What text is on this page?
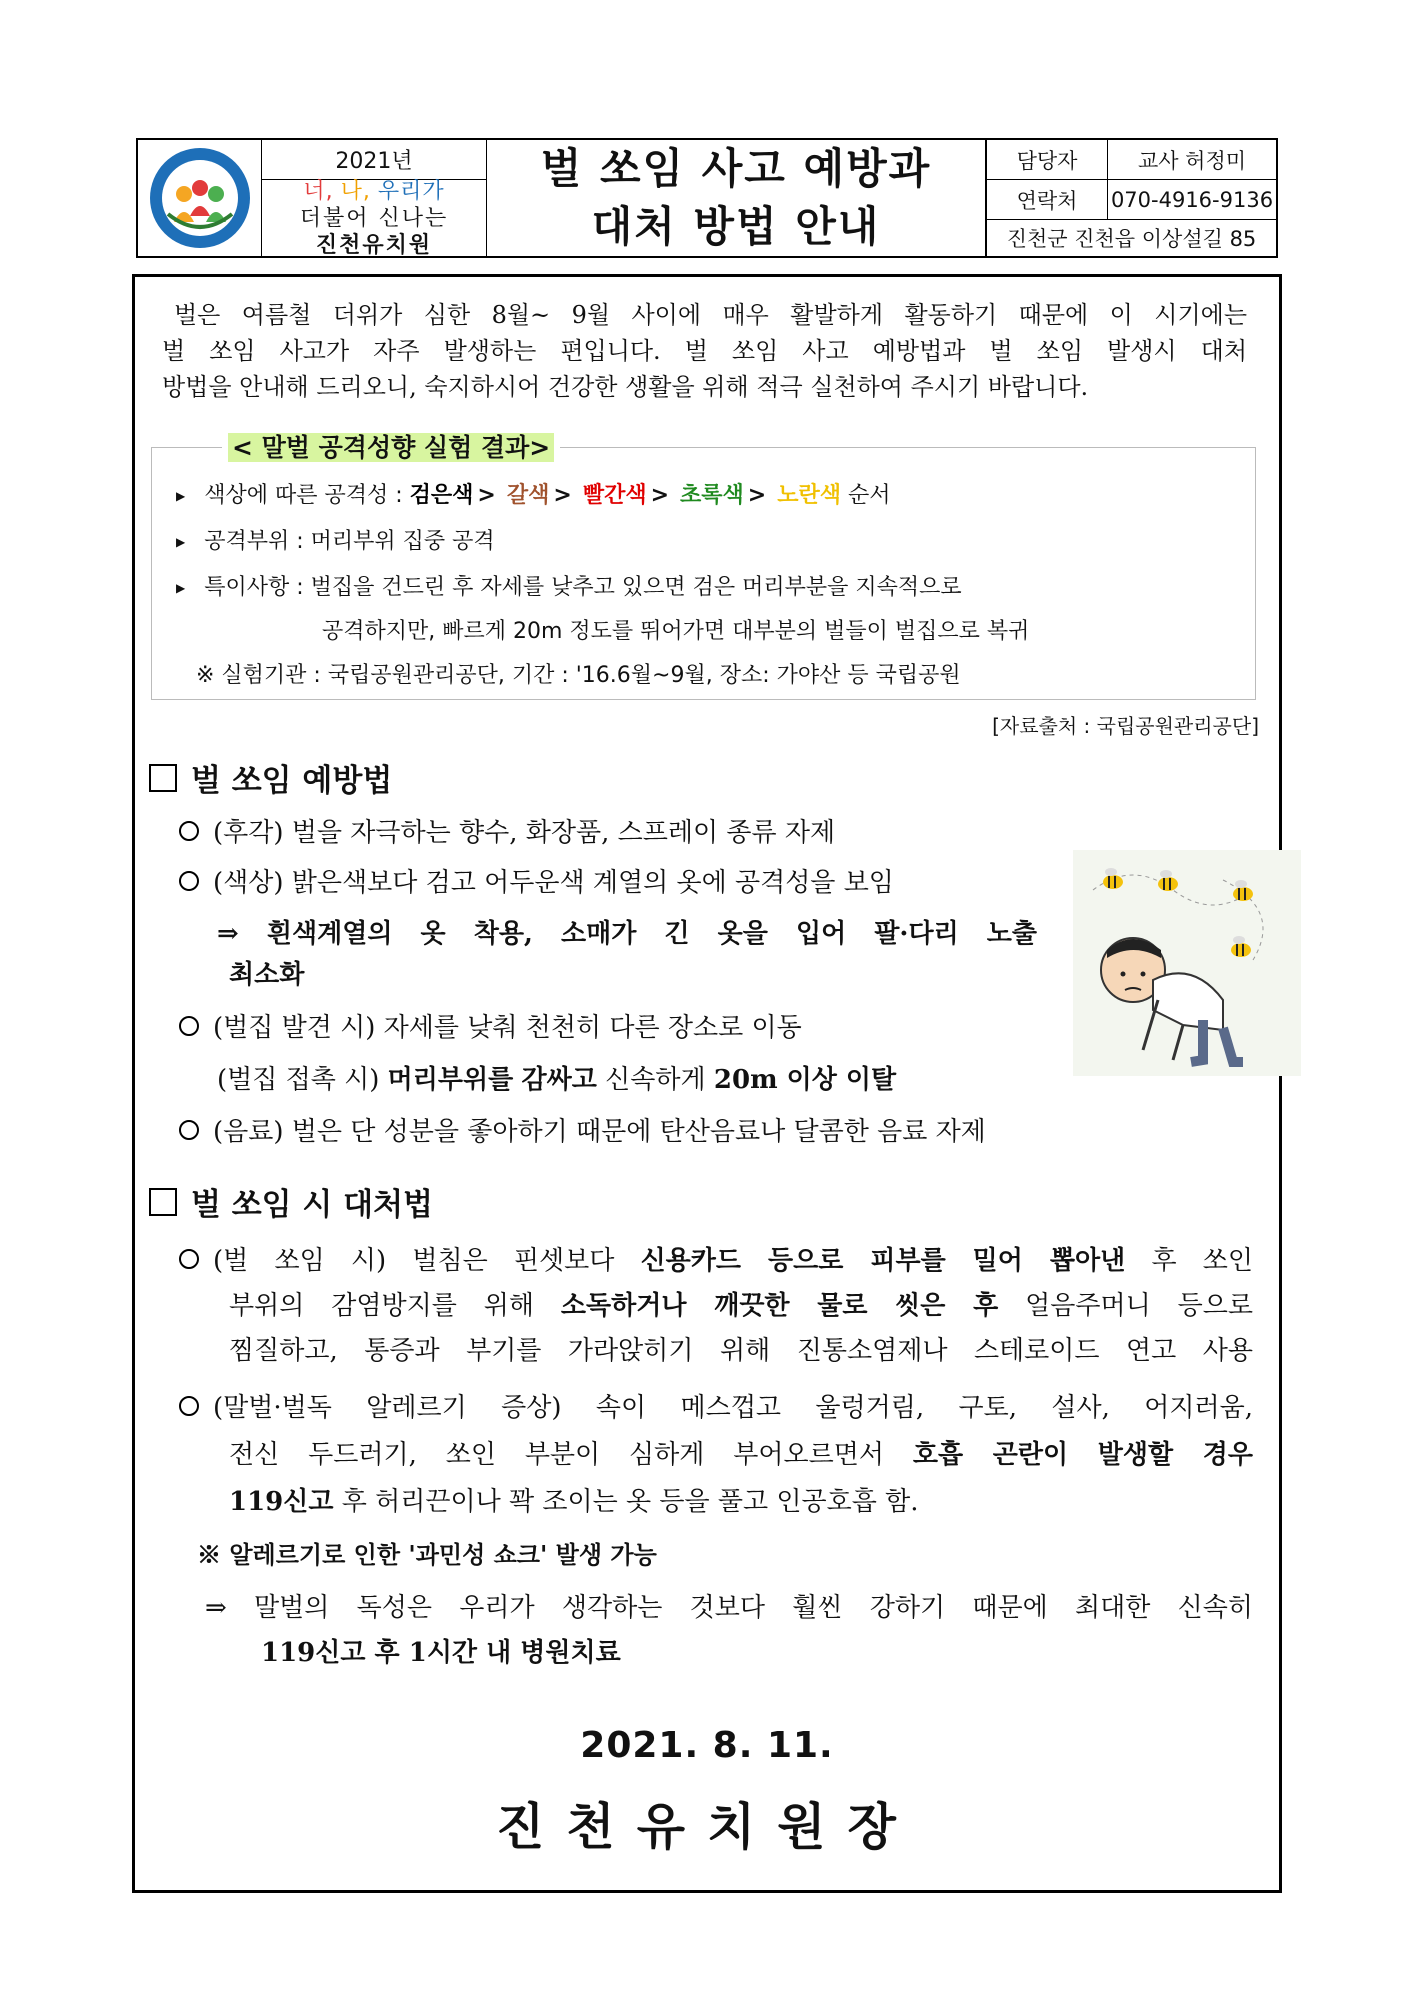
2021년
너, 나, 우리가
더불어 신나는
진천유치원
벌 쏘임 사고 예방과
대처 방법 안내
담당자	교사 허정미
연락처	070-4916-9136
진천군 진천읍 이상설길 85
벌은 여름철 더위가 심한 8월~ 9월 사이에 매우 활발하게 활동하기 때문에 이 시기에는
벌 쏘임 사고가 자주 발생하는 편입니다. 벌 쏘임 사고 예방법과 벌 쏘임 발생시 대처
방법을 안내해 드리오니, 숙지하시어 건강한 생활을 위해 적극 실천하여 주시기 바랍니다.
< 말벌 공격성향 실험 결과>
▶ 색상에 따른 공격성 : 검은색 > 갈색 > 빨간색 > 초록색 > 노란색 순서
▶ 공격부위 : 머리부위 집중 공격
▶ 특이사항 : 벌집을 건드린 후 자세를 낮추고 있으면 검은 머리부분을 지속적으로
공격하지만, 빠르게 20m 정도를 뛰어가면 대부분의 벌들이 벌집으로 복귀
※ 실험기관 : 국립공원관리공단, 기간 : '16.6월~9월, 장소: 가야산 등 국립공원
[자료출처 : 국립공원관리공단]
벌 쏘임 예방법
(후각) 벌을 자극하는 향수, 화장품, 스프레이 종류 자제
(색상) 밝은색보다 검고 어두운색 계열의 옷에 공격성을 보임
⇒ 흰색계열의 옷 착용, 소매가 긴 옷을 입어 팔·다리 노출
최소화
(벌집 발견 시) 자세를 낮춰 천천히 다른 장소로 이동
(벌집 접촉 시) 머리부위를 감싸고 신속하게 20m 이상 이탈
(음료) 벌은 단 성분을 좋아하기 때문에 탄산음료나 달콤한 음료 자제
벌 쏘임 시 대처법
(벌 쏘임 시) 벌침은 핀셋보다 신용카드 등으로 피부를 밀어 뽑아낸 후 쏘인
부위의 감염방지를 위해 소독하거나 깨끗한 물로 씻은 후 얼음주머니 등으로
찜질하고, 통증과 부기를 가라앉히기 위해 진통소염제나 스테로이드 연고 사용
(말벌·벌독 알레르기 증상) 속이 메스껍고 울렁거림, 구토, 설사, 어지러움,
전신 두드러기, 쏘인 부분이 심하게 부어오르면서 호흡 곤란이 발생할 경우
119신고 후 허리끈이나 꽉 조이는 옷 등을 풀고 인공호흡 함.
※ 알레르기로 인한 '과민성 쇼크' 발생 가능
⇒ 말벌의 독성은 우리가 생각하는 것보다 훨씬 강하기 때문에 최대한 신속히
119신고 후 1시간 내 병원치료
2021. 8. 11.
진천유치원장
